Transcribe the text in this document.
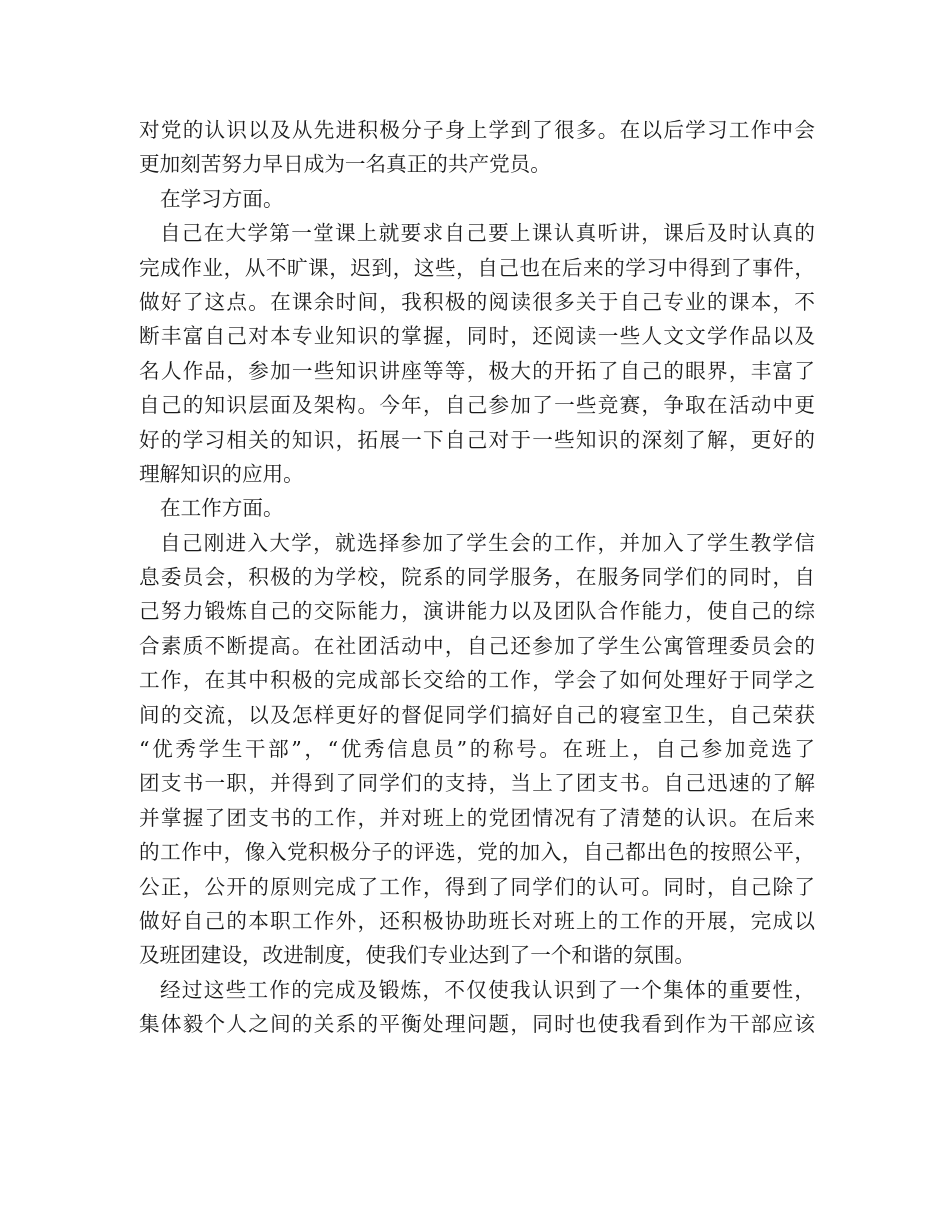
对党的认识以及从先进积极分子身上学到了很多。在以后学习工作中会
更加刻苦努力早日成为一名真正的共产党员。
在学习方面。
自己在大学第一堂课上就要求自己要上课认真听讲，课后及时认真的
完成作业，从不旷课，迟到，这些，自己也在后来的学习中得到了事件，
做好了这点。在课余时间，我积极的阅读很多关于自己专业的课本，不
断丰富自己对本专业知识的掌握，同时，还阅读一些人文文学作品以及
名人作品，参加一些知识讲座等等，极大的开拓了自己的眼界，丰富了
自己的知识层面及架构。今年，自己参加了一些竞赛，争取在活动中更
好的学习相关的知识，拓展一下自己对于一些知识的深刻了解，更好的
理解知识的应用。
在工作方面。
自己刚进入大学，就选择参加了学生会的工作，并加入了学生教学信
息委员会，积极的为学校，院系的同学服务，在服务同学们的同时，自
己努力锻炼自己的交际能力，演讲能力以及团队合作能力，使自己的综
合素质不断提高。在社团活动中，自己还参加了学生公寓管理委员会的
工作，在其中积极的完成部长交给的工作，学会了如何处理好于同学之
间的交流，以及怎样更好的督促同学们搞好自己的寝室卫生，自己荣获
“优秀学生干部”，“优秀信息员”的称号。在班上，自己参加竞选了
团支书一职，并得到了同学们的支持，当上了团支书。自己迅速的了解
并掌握了团支书的工作，并对班上的党团情况有了清楚的认识。在后来
的工作中，像入党积极分子的评选，党的加入，自己都出色的按照公平，
公正，公开的原则完成了工作，得到了同学们的认可。同时，自己除了
做好自己的本职工作外，还积极协助班长对班上的工作的开展，完成以
及班团建设，改进制度，使我们专业达到了一个和谐的氛围。
经过这些工作的完成及锻炼，不仅使我认识到了一个集体的重要性，
集体毅个人之间的关系的平衡处理问题，同时也使我看到作为干部应该
